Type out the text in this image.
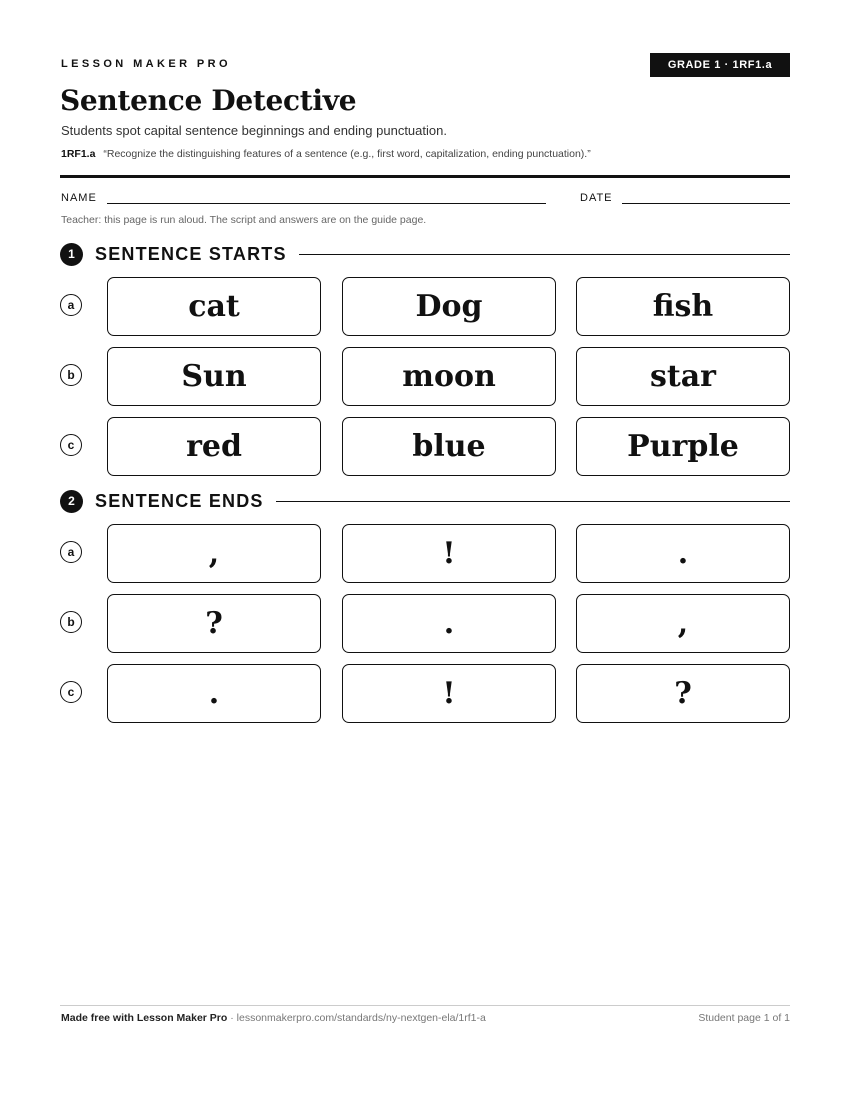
LESSON MAKER PRO	GRADE 1 · 1RF1.a
Sentence Detective
Students spot capital sentence beginnings and ending punctuation.
1RF1.a “Recognize the distinguishing features of a sentence (e.g., first word, capitalization, ending punctuation).”
NAME	DATE
Teacher: this page is run aloud. The script and answers are on the guide page.
1	SENTENCE STARTS
a	cat	Dog	fish
b	Sun	moon	star
c	red	blue	Purple
2	SENTENCE ENDS
a	,	!	.
b	?	.	,
c	.	!	?
Made free with Lesson Maker Pro · lessonmakerpro.com/standards/ny-nextgen-ela/1rf1-a	Student page 1 of 1
